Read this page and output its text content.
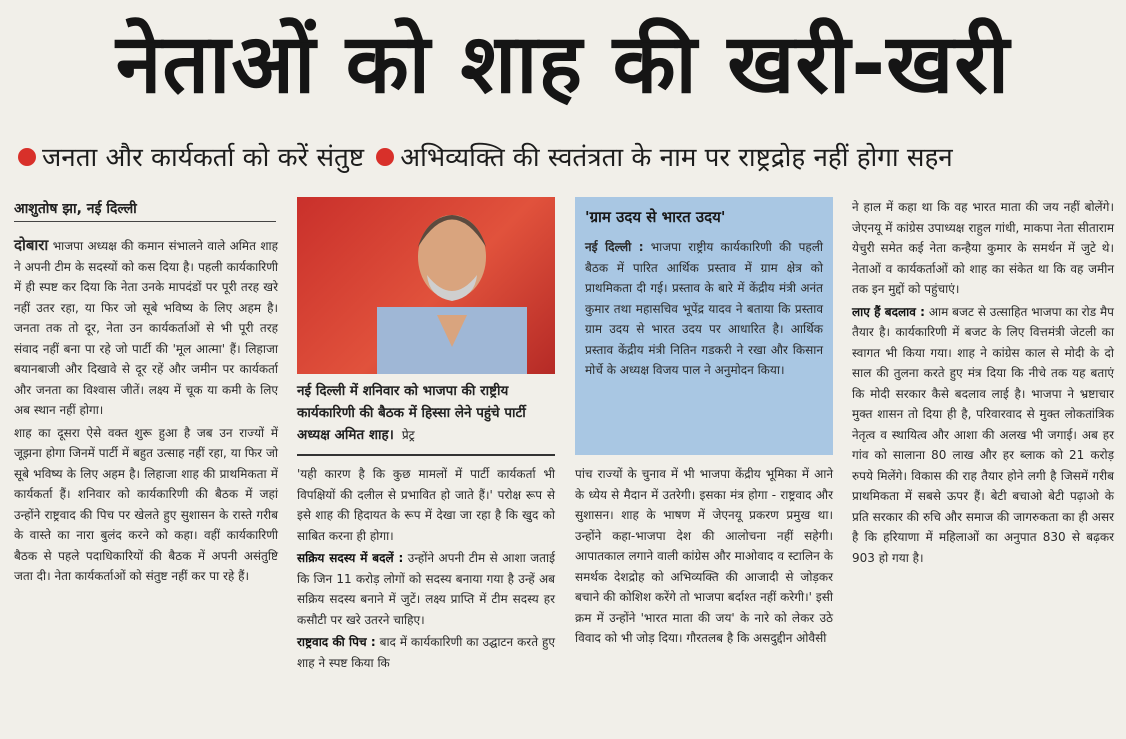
नेताओं को शाह की खरी-खरी
जनता और कार्यकर्ता को करें संतुष्ट अभिव्यक्ति की स्वतंत्रता के नाम पर राष्ट्रद्रोह नहीं होगा सहन
आशुतोष झा, नई दिल्ली

दोबारा भाजपा अध्यक्ष की कमान संभालने वाले अमित शाह ने अपनी टीम के सदस्यों को कस दिया है। पहली कार्यकारिणी में ही स्पष्ट कर दिया कि नेता उनके मापदंडों पर पूरी तरह खरे नहीं उतर रहा, या फिर जो सूबे भविष्य के लिए अहम है। जनता तक तो दूर, नेता उन कार्यकर्ताओं से भी पूरी तरह संवाद नहीं बना पा रहे जो पार्टी की 'मूल आत्मा' हैं। लिहाजा बयानबाजी और दिखावे से दूर रहें और जमीन पर कार्यकर्ता और जनता का विश्वास जीतें। लक्ष्य में चूक या कमी के लिए अब स्थान नहीं होगा।

शाह का दूसरा ऐसे वक्त शुरू हुआ है जब उन राज्यों में जूझना होगा जिनमें पार्टी में बहुत उत्साह नहीं रहा, या फिर जो सूबे भविष्य के लिए अहम है। लिहाजा शाह की प्राथमिकता में कार्यकर्ता हैं। शनिवार को कार्यकारिणी की बैठक में जहां उन्होंने राष्ट्रवाद की पिच पर खेलते हुए सुशासन के रास्ते गरीब के वास्ते का नारा बुलंद करने को कहा। वहीं कार्यकारिणी बैठक से पहले पदाधिकारियों की बैठक में अपनी असंतुष्टि जता दी। नेता कार्यकर्ताओं को संतुष्ट नहीं कर पा रहे हैं।

नई दिल्ली में शनिवार को भाजपा की राष्ट्रीय कार्यकारिणी की बैठक में हिस्सा लेने पहुंचे पार्टी अध्यक्ष अमित शाह। प्रेट्र

'यही कारण है कि कुछ मामलों में पार्टी कार्यकर्ता भी विपक्षियों की दलील से प्रभावित हो जाते हैं।' परोक्ष रूप से इसे शाह की हिदायत के रूप में देखा जा रहा है कि खुद को साबित करना ही होगा।

सक्रिय सदस्य में बदलें : उन्होंने अपनी टीम से आशा जताई कि जिन 11 करोड़ लोगों को सदस्य बनाया गया है उन्हें अब सक्रिय सदस्य बनाने में जुटें। लक्ष्य प्राप्ति में टीम सदस्य हर कसौटी पर खरे उतरने चाहिए।

राष्ट्रवाद की पिच : बाद में कार्यकारिणी का उद्घाटन करते हुए शाह ने स्पष्ट किया कि

'ग्राम उदय से भारत उदय'
नई दिल्ली : भाजपा राष्ट्रीय कार्यकारिणी की पहली बैठक में पारित आर्थिक प्रस्ताव में ग्राम क्षेत्र को प्राथमिकता दी गई। प्रस्ताव के बारे में केंद्रीय मंत्री अनंत कुमार तथा महासचिव भूपेंद्र यादव ने बताया कि प्रस्ताव ग्राम उदय से भारत उदय पर आधारित है। आर्थिक प्रस्ताव केंद्रीय मंत्री नितिन गडकरी ने रखा और किसान मोर्चे के अध्यक्ष विजय पाल ने अनुमोदन किया।

पांच राज्यों के चुनाव में भी भाजपा केंद्रीय भूमिका में आने के ध्येय से मैदान में उतरेगी। इसका मंत्र होगा - राष्ट्रवाद और सुशासन। शाह के भाषण में जेएनयू प्रकरण प्रमुख था। उन्होंने कहा-भाजपा देश की आलोचना नहीं सहेगी। आपातकाल लगाने वाली कांग्रेस और माओवाद व स्टालिन के समर्थक देशद्रोह को अभिव्यक्ति की आजादी से जोड़कर बचाने की कोशिश करेंगे तो भाजपा बर्दाश्त नहीं करेगी।' इसी क्रम में उन्होंने 'भारत माता की जय' के नारे को लेकर उठे विवाद को भी जोड़ दिया। गौरतलब है कि असदुद्दीन ओवैसी

ने हाल में कहा था कि वह भारत माता की जय नहीं बोलेंगे। जेएनयू में कांग्रेस उपाध्यक्ष राहुल गांधी, माकपा नेता सीताराम येचुरी समेत कई नेता कन्हैया कुमार के समर्थन में जुटे थे। नेताओं व कार्यकर्ताओं को शाह का संकेत था कि वह जमीन तक इन मुद्दों को पहुंचाएं।

लाए हैं बदलाव : आम बजट से उत्साहित भाजपा का रोड मैप तैयार है। कार्यकारिणी में बजट के लिए वित्तमंत्री जेटली का स्वागत भी किया गया। शाह ने कांग्रेस काल से मोदी के दो साल की तुलना करते हुए मंत्र दिया कि नीचे तक यह बताएं कि मोदी सरकार कैसे बदलाव लाई है। भाजपा ने भ्रष्टाचार मुक्त शासन तो दिया ही है, परिवारवाद से मुक्त लोकतांत्रिक नेतृत्व व स्थायित्व और आशा की अलख भी जगाई। अब हर गांव को सालाना 80 लाख और हर ब्लाक को 21 करोड़ रुपये मिलेंगे। विकास की राह तैयार होने लगी है जिसमें गरीब प्राथमिकता में सबसे ऊपर हैं। बेटी बचाओ बेटी पढ़ाओ के प्रति सरकार की रुचि और समाज की जागरुकता का ही असर है कि हरियाणा में महिलाओं का अनुपात 830 से बढ़कर 903 हो गया है।
